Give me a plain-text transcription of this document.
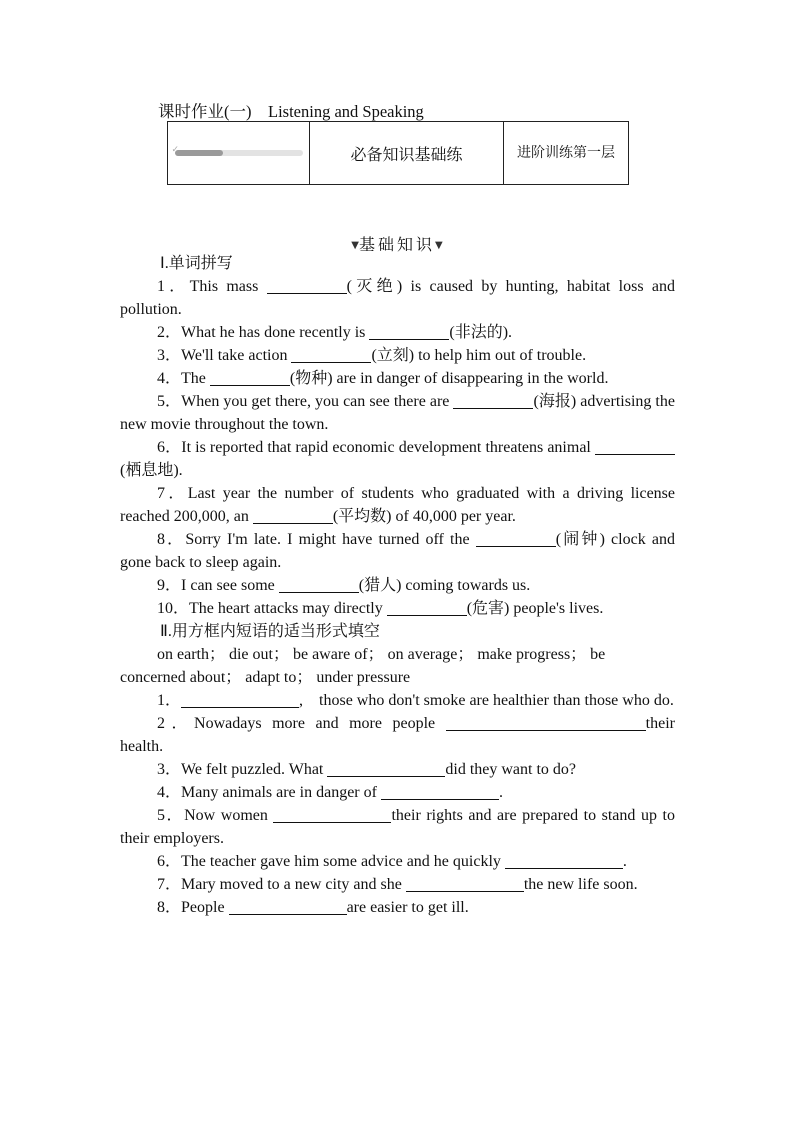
课时作业(一)　Listening and Speaking
✓	必备知识基础练	进阶训练第一层
▼基础知识▼
Ⅰ.单词拼写
1．This mass	(灭绝) is caused by hunting, habitat loss and pollution.
2．What he has done recently is	(非法的).
3．We'll take action	(立刻) to help him out of trouble.
4．The	(物种) are in danger of disappearing in the world.
5．When you get there, you can see there are	(海报) advertising the new movie throughout the town.
6．It is reported that rapid economic development threatens animal (栖息地).
7．Last year the number of students who graduated with a driving license reached 200,000, an	(平均数) of 40,000 per year.
8．Sorry I'm late. I might have turned off the	(闹钟) clock and gone back to sleep again.
9．I can see some	(猎人) coming towards us.
10．The heart attacks may directly	(危害) people's lives.
Ⅱ.用方框内短语的适当形式填空
on earth； die out； be aware of； on average； make progress； be concerned about； adapt to； under pressure
1．	,　those who don't smoke are healthier than those who do.
2．Nowadays more and more people	their health.
3．We felt puzzled. What	did they want to do?
4．Many animals are in danger of	.
5．Now women	their rights and are prepared to stand up to their employers.
6．The teacher gave him some advice and he quickly	.
7．Mary moved to a new city and she	the new life soon.
8．People	are easier to get ill.
